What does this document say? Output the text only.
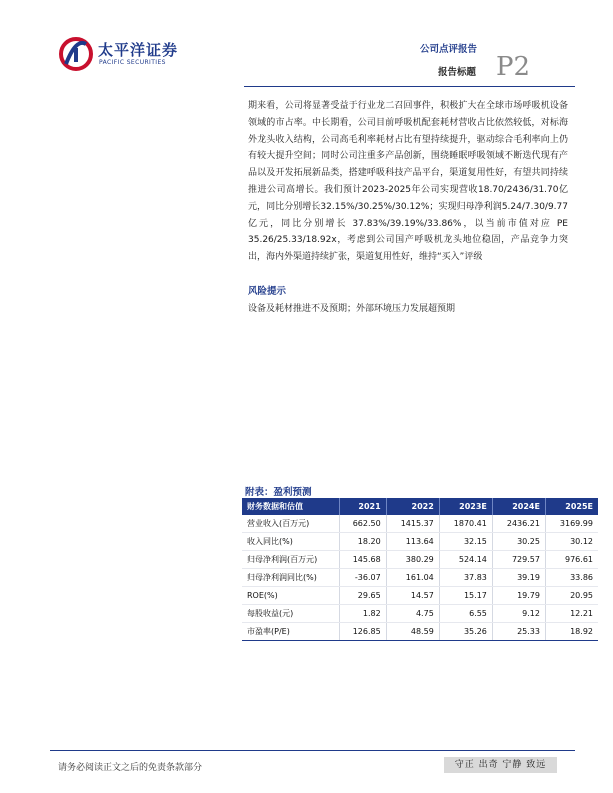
太平洋证券
PACIFIC SECURITIES
公司点评报告
报告标题 P2

期来看，公司将显著受益于行业龙二召回事件，积极扩大在全球市场呼吸机设备领域的市占率。中长期看，公司目前呼吸机配套耗材营收占比依然较低，对标海外龙头收入结构，公司高毛利率耗材占比有望持续提升，驱动综合毛利率向上仍有较大提升空间；同时公司注重多产品创新，围绕睡眠呼吸领域不断迭代现有产品以及开发拓展新品类，搭建呼吸科技产品平台，渠道复用性好，有望共同持续推进公司高增长。我们预计2023-2025年公司实现营收18.70/2436/31.70亿元，同比分别增长32.15%/30.25%/30.12%；实现归母净利润5.24/7.30/9.77亿元，同比分别增长 37.83%/39.19%/33.86%，以当前市值对应 PE 35.26/25.33/18.92x，考虑到公司国产呼吸机龙头地位稳固，产品竞争力突出，海内外渠道持续扩张，渠道复用性好，维持“买入”评级

风险提示
设备及耗材推进不及预期；外部环境压力发展超预期
附表：盈利预测
财务数据和估值	2021	2022	2023E	2024E	2025E
营业收入(百万元)	662.50	1415.37	1870.41	2436.21	3169.99
收入同比(%)	18.20	113.64	32.15	30.25	30.12
归母净利润(百万元)	145.68	380.29	524.14	729.57	976.61
归母净利润同比(%)	-36.07	161.04	37.83	39.19	33.86
ROE(%)	29.65	14.57	15.17	19.79	20.95
每股收益(元)	1.82	4.75	6.55	9.12	12.21
市盈率(P/E)	126.85	48.59	35.26	25.33	18.92
请务必阅读正文之后的免责条款部分	守正 出奇 宁静 致远
